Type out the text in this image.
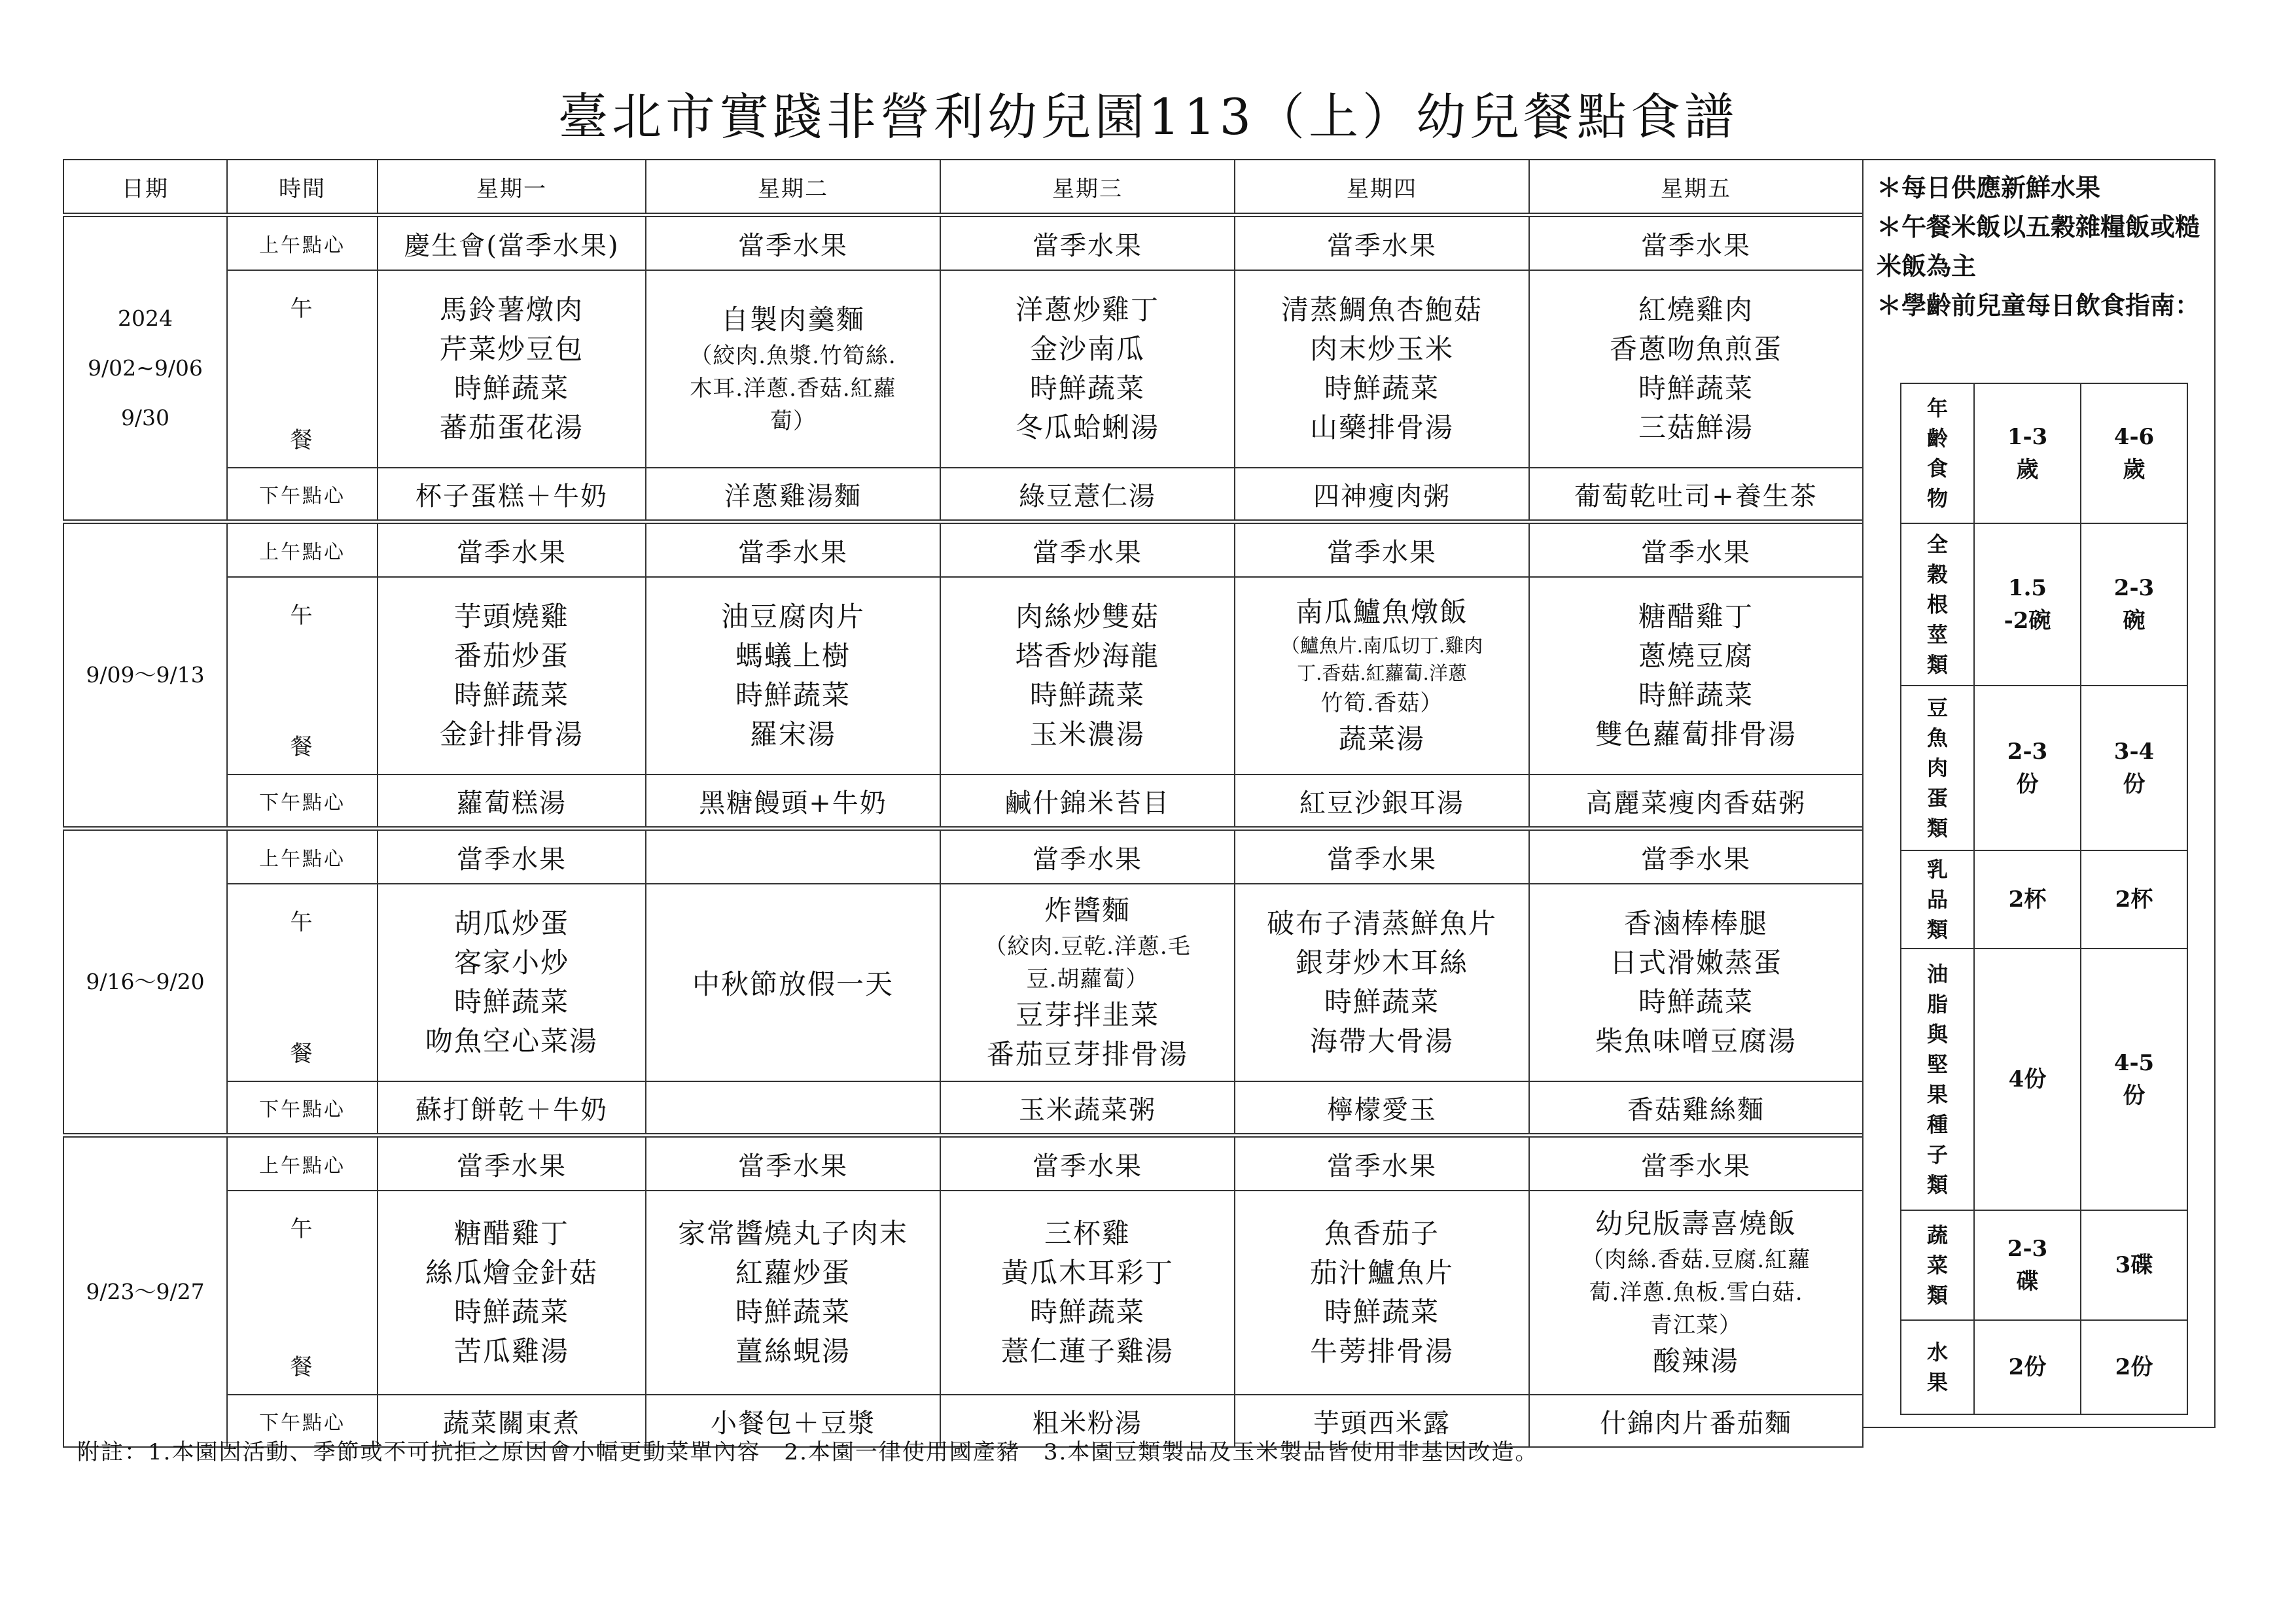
臺北市實踐非營利幼兒園113（上）幼兒餐點食譜
日期	時間	星期一	星期二	星期三	星期四	星期五

2024
9/02~9/06
9/30	上午點心	慶生會(當季水果)	當季水果	當季水果	當季水果	當季水果

	午
餐	馬鈴薯燉肉
芹菜炒豆包
時鮮蔬菜
蕃茄蛋花湯	自製肉羹麵
（絞肉.魚漿.竹筍絲.
木耳.洋蔥.香菇.紅蘿
蔔）	洋蔥炒雞丁
金沙南瓜
時鮮蔬菜
冬瓜蛤蜊湯	清蒸鯛魚杏鮑菇
肉末炒玉米
時鮮蔬菜
山藥排骨湯	紅燒雞肉
香蔥吻魚煎蛋
時鮮蔬菜
三菇鮮湯

	下午點心	杯子蛋糕＋牛奶	洋蔥雞湯麵	綠豆薏仁湯	四神瘦肉粥	葡萄乾吐司+養生茶

9/09～9/13	上午點心	當季水果	當季水果	當季水果	當季水果	當季水果

	午
餐	芋頭燒雞
番茄炒蛋
時鮮蔬菜
金針排骨湯	油豆腐肉片
螞蟻上樹
時鮮蔬菜
羅宋湯	肉絲炒雙菇
塔香炒海龍
時鮮蔬菜
玉米濃湯	南瓜鱸魚燉飯
（鱸魚片.南瓜切丁.雞肉
丁.香菇.紅蘿蔔.洋蔥
竹筍.香菇）
蔬菜湯	糖醋雞丁
蔥燒豆腐
時鮮蔬菜
雙色蘿蔔排骨湯

	下午點心	蘿蔔糕湯	黑糖饅頭+牛奶	鹹什錦米苔目	紅豆沙銀耳湯	高麗菜瘦肉香菇粥

9/16～9/20	上午點心	當季水果		當季水果	當季水果	當季水果

	午
餐	胡瓜炒蛋
客家小炒
時鮮蔬菜
吻魚空心菜湯	中秋節放假一天	炸醬麵
（絞肉.豆乾.洋蔥.毛
豆.胡蘿蔔）
豆芽拌韭菜
番茄豆芽排骨湯	破布子清蒸鮮魚片
銀芽炒木耳絲
時鮮蔬菜
海帶大骨湯	香滷棒棒腿
日式滑嫩蒸蛋
時鮮蔬菜
柴魚味噌豆腐湯

	下午點心	蘇打餅乾＋牛奶		玉米蔬菜粥	檸檬愛玉	香菇雞絲麵

9/23～9/27	上午點心	當季水果	當季水果	當季水果	當季水果	當季水果

	午
餐	糖醋雞丁
絲瓜燴金針菇
時鮮蔬菜
苦瓜雞湯	家常醬燒丸子肉末
紅蘿炒蛋
時鮮蔬菜
薑絲蜆湯	三杯雞
黃瓜木耳彩丁
時鮮蔬菜
薏仁蓮子雞湯	魚香茄子
茄汁鱸魚片
時鮮蔬菜
牛蒡排骨湯	幼兒版壽喜燒飯
（肉絲.香菇.豆腐.紅蘿
蔔.洋蔥.魚板.雪白菇.
青江菜）
酸辣湯

	下午點心	蔬菜關東煮	小餐包＋豆漿	粗米粉湯	芋頭西米露	什錦肉片番茄麵
＊每日供應新鮮水果
＊午餐米飯以五穀雜糧飯或糙米飯為主
＊學齡前兒童每日飲食指南：
年齡食物	1-3歲	4-6歲

全穀根莖類	1.5-2碗	2-3碗

豆魚肉蛋類	2-3份	3-4份

乳品類	2杯	2杯

油脂與堅果種子類	4份	4-5份

蔬菜類	2-3碟	3碟

水果	2份	2份
附註：1.本園因活動、季節或不可抗拒之原因會小幅更動菜單內容　2.本園一律使用國產豬　3.本園豆類製品及玉米製品皆使用非基因改造。
